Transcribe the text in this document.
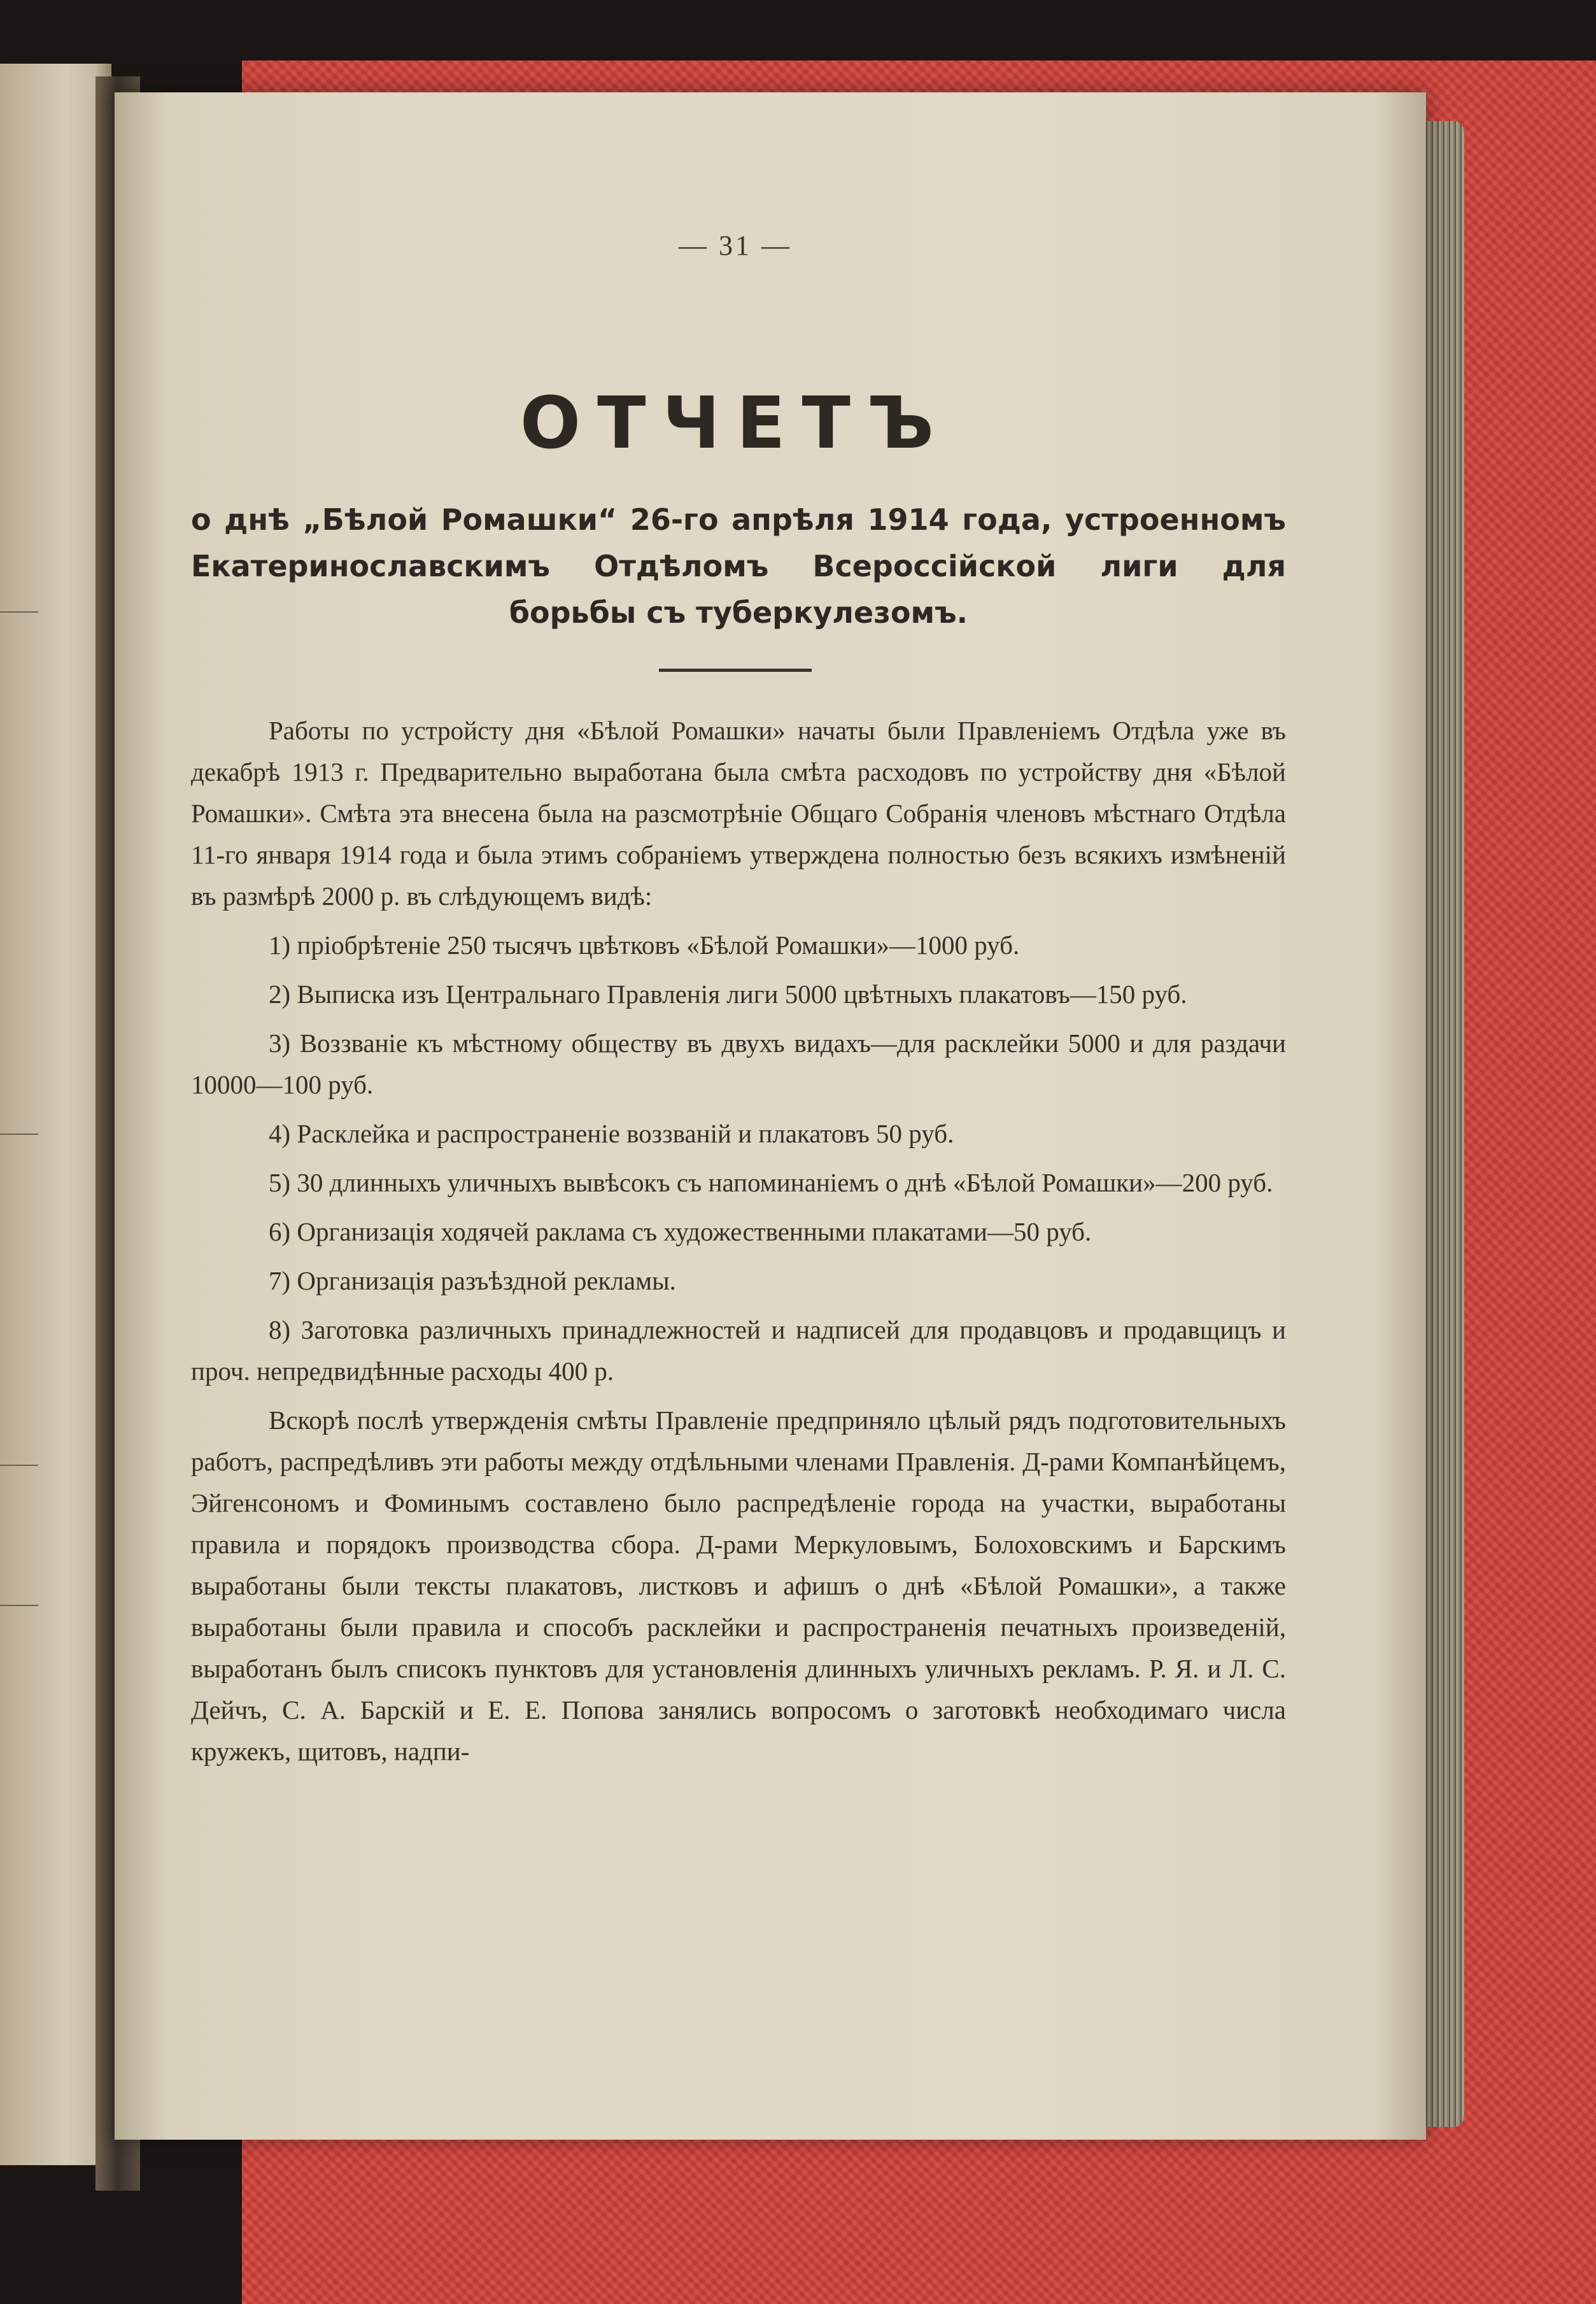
— 31 —
ОТЧЕТЪ
о днѣ „Бѣлой Ромашки“ 26-го апрѣля 1914 года, устроенномъ Екатеринославскимъ Отдѣломъ Всероссійской лиги для борьбы съ туберкулезомъ.

Работы по устройсту дня «Бѣлой Ромашки» начаты были Правленіемъ Отдѣла уже въ декабрѣ 1913 г. Предварительно выработана была смѣта расходовъ по устройству дня «Бѣлой Ромашки». Смѣта эта внесена была на разсмотрѣніе Общаго Собранія членовъ мѣстнаго Отдѣла 11-го января 1914 года и была этимъ собраніемъ утверждена полностью безъ всякихъ измѣненій въ размѣрѣ 2000 р. въ слѣдующемъ видѣ:

1) пріобрѣтеніе 250 тысячъ цвѣтковъ «Бѣлой Ромашки»—1000 руб.

2) Выписка изъ Центральнаго Правленія лиги 5000 цвѣтныхъ плакатовъ—150 руб.

3) Воззваніе къ мѣстному обществу въ двухъ видахъ—для расклейки 5000 и для раздачи 10000—100 руб.

4) Расклейка и распространеніе воззваній и плакатовъ 50 руб.

5) 30 длинныхъ уличныхъ вывѣсокъ съ напоминаніемъ о днѣ «Бѣлой Ромашки»—200 руб.

6) Организація ходячей раклама съ художественными плакатами—50 руб.

7) Организація разъѣздной рекламы.

8) Заготовка различныхъ принадлежностей и надписей для продавцовъ и продавщицъ и проч. непредвидѣнные расходы 400 р.

Вскорѣ послѣ утвержденія смѣты Правленіе предприняло цѣлый рядъ подготовительныхъ работъ, распредѣливъ эти работы между отдѣльными членами Правленія. Д-рами Компанѣйцемъ, Эйгенсономъ и Фоминымъ составлено было распредѣленіе города на участки, выработаны правила и порядокъ производства сбора. Д-рами Меркуловымъ, Болоховскимъ и Барскимъ выработаны были тексты плакатовъ, листковъ и афишъ о днѣ «Бѣлой Ромашки», а также выработаны были правила и способъ расклейки и распространенія печатныхъ произведеній, выработанъ былъ списокъ пунктовъ для установленія длинныхъ уличныхъ рекламъ. Р. Я. и Л. С. Дейчъ, С. А. Барскій и Е. Е. Попова занялись вопросомъ о заготовкѣ необходимаго числа кружекъ, щитовъ, надпи-
